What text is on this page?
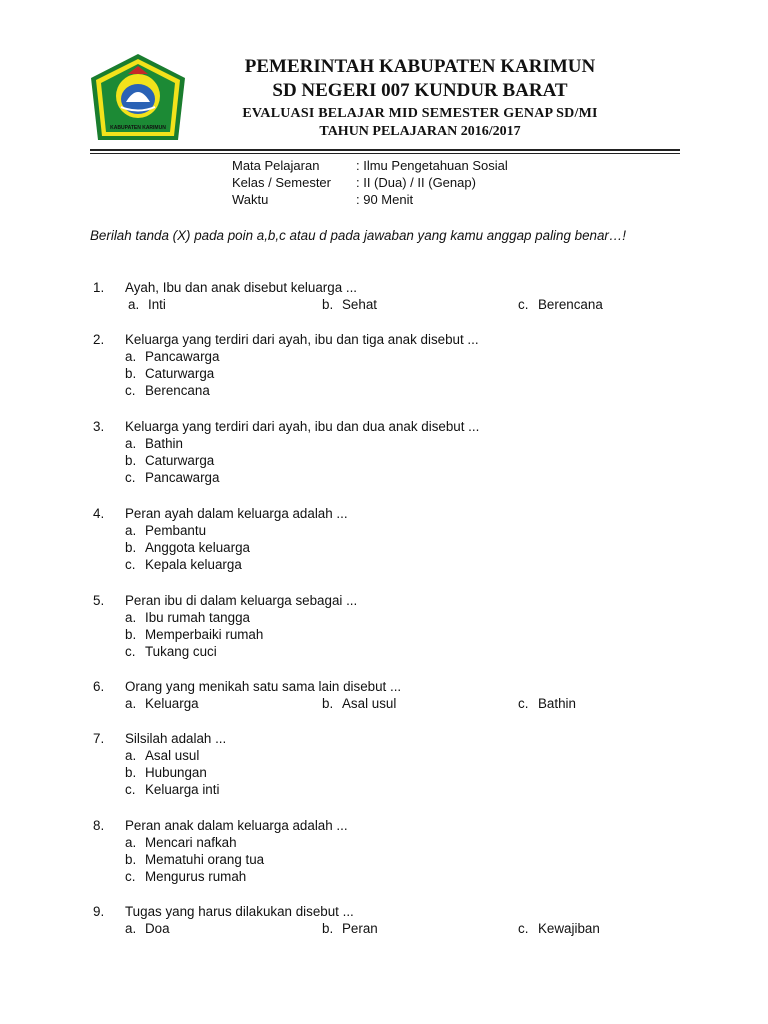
KABUPATEN KARIMUN
PEMERINTAH KABUPATEN KARIMUN
SD NEGERI 007 KUNDUR BARAT
EVALUASI BELAJAR MID SEMESTER GENAP SD/MI
TAHUN PELAJARAN 2016/2017
Mata Pelajaran	: Ilmu Pengetahuan Sosial
Kelas / Semester : II (Dua) / II (Genap)
Waktu	: 90 Menit
Berilah tanda (X) pada poin a,b,c atau d pada jawaban yang kamu anggap paling benar…!
1. Ayah, Ibu dan anak disebut keluarga ...
a. Inti	b. Sehat	c. Berencana
2. Keluarga yang terdiri dari ayah, ibu dan tiga anak disebut ...
a. Pancawarga
b. Caturwarga
c. Berencana
3. Keluarga yang terdiri dari ayah, ibu dan dua anak disebut ...
a. Bathin
b. Caturwarga
c. Pancawarga
4. Peran ayah dalam keluarga adalah ...
a. Pembantu
b. Anggota keluarga
c. Kepala keluarga
5. Peran ibu di dalam keluarga sebagai ...
a. Ibu rumah tangga
b. Memperbaiki rumah
c. Tukang cuci
6. Orang yang menikah satu sama lain disebut ...
a. Keluarga	b. Asal usul	c. Bathin
7. Silsilah adalah ...
a. Asal usul
b. Hubungan
c. Keluarga inti
8. Peran anak dalam keluarga adalah ...
a. Mencari nafkah
b. Mematuhi orang tua
c. Mengurus rumah
9. Tugas yang harus dilakukan disebut ...
a. Doa	b. Peran	c. Kewajiban
